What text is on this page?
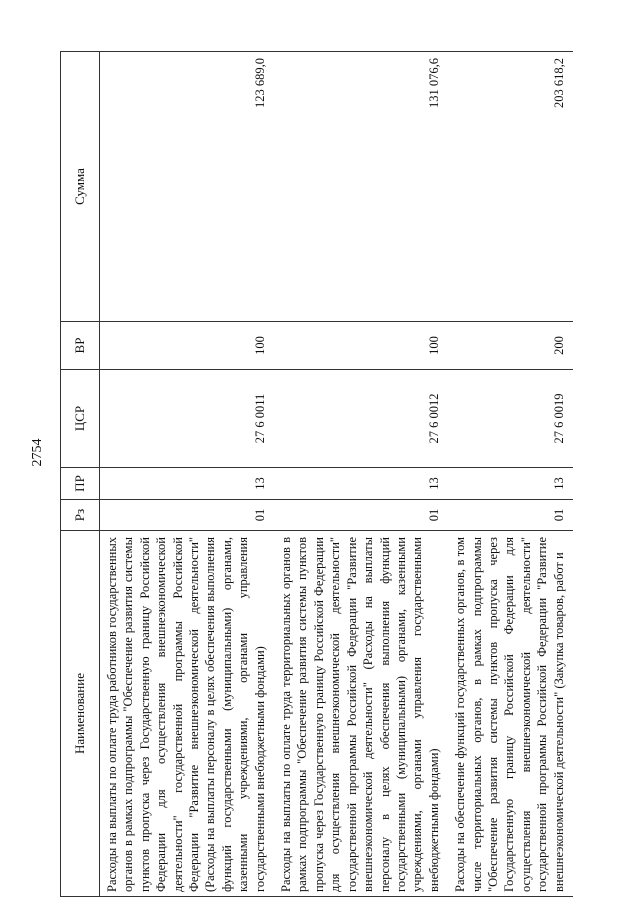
2754
Наименование	Рз	ПР	ЦСР	ВР	Сумма
Расходы на выплаты по оплате труда работников государственных органов в рамках подпрограммы "Обеспечение развития системы пунктов пропуска через Государственную границу Российской Федерации для осуществления внешнеэкономической деятельности" государственной программы Российской Федерации "Развитие внешнеэкономической деятельности" (Расходы на выплаты персоналу в целях обеспечения выполнения функций государственными (муниципальными) органами, казенными учреждениями, органами управления государственными внебюджетными фондами)	01	13	27 6 0011	100	123 689,0
Расходы на выплаты по оплате труда территориальных органов в рамках подпрограммы "Обеспечение развития системы пунктов пропуска через Государственную границу Российской Федерации для осуществления внешнеэкономической деятельности" государственной программы Российской Федерации "Развитие внешнеэкономической деятельности" (Расходы на выплаты персоналу в целях обеспечения выполнения функций государственными (муниципальными) органами, казенными учреждениями, органами управления государственными внебюджетными фондами)	01	13	27 6 0012	100	131 076,6
Расходы на обеспечение функций государственных органов, в том числе территориальных органов, в рамках подпрограммы "Обеспечение развития системы пунктов пропуска через Государственную границу Российской Федерации для осуществления внешнеэкономической деятельности" государственной программы Российской Федерации "Развитие внешнеэкономической деятельности" (Закупка товаров, работ и	01	13	27 6 0019	200	203 618,2
